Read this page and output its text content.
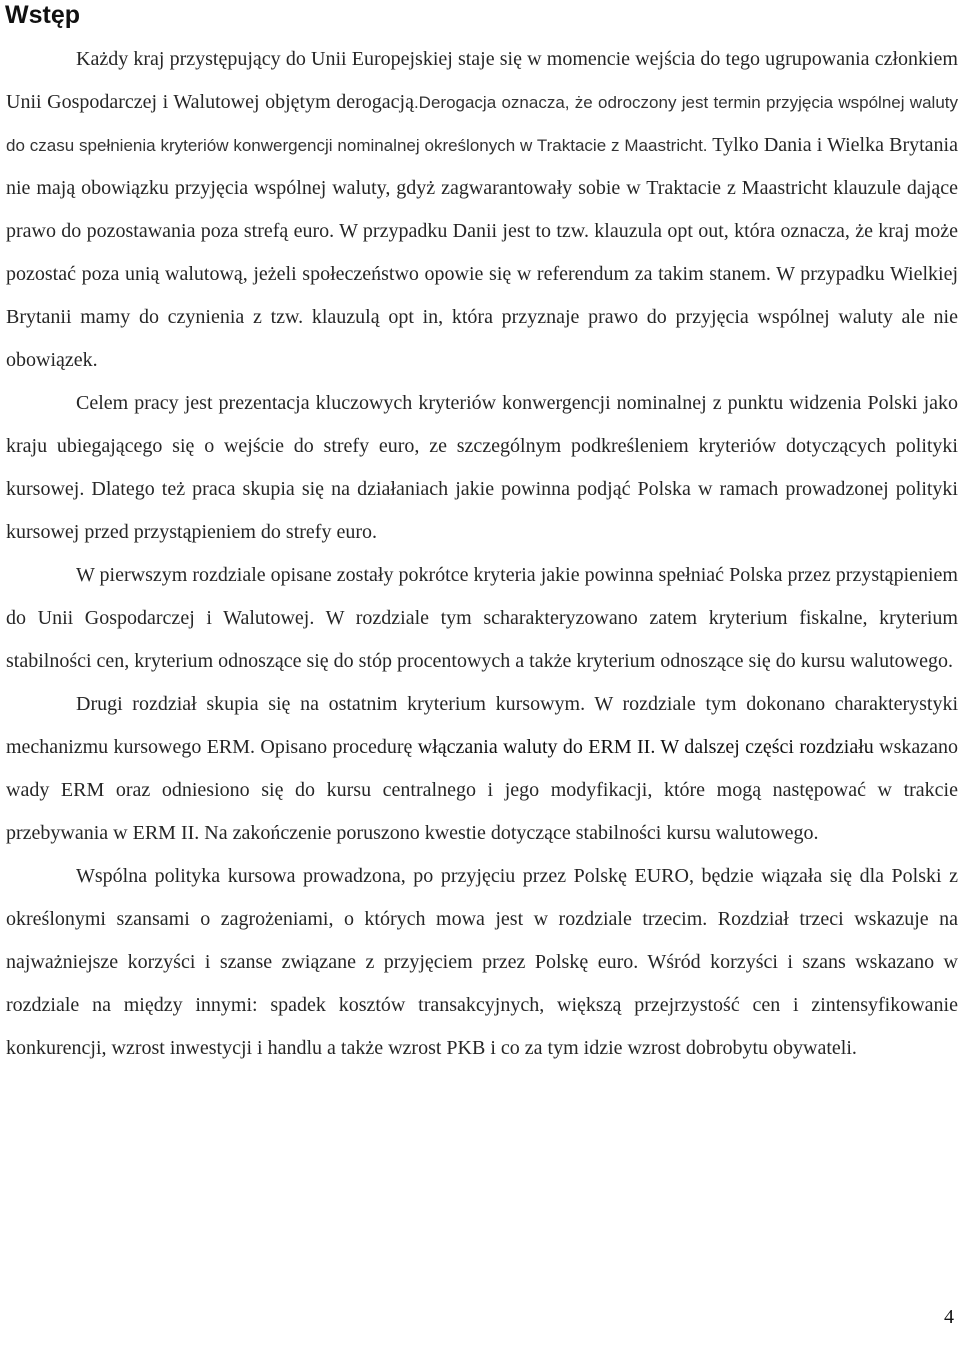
Wstęp

Każdy kraj przystępujący do Unii Europejskiej staje się w momencie wejścia do tego ugrupowania członkiem Unii Gospodarczej i Walutowej objętym derogacją.Derogacja oznacza, że odroczony jest termin przyjęcia wspólnej waluty do czasu spełnienia kryteriów konwergencji nominalnej określonych w Traktacie z Maastricht. Tylko Dania i Wielka Brytania nie mają obowiązku przyjęcia wspólnej waluty, gdyż zagwarantowały sobie w Traktacie z Maastricht klauzule dające prawo do pozostawania poza strefą euro. W przypadku Danii jest to tzw. klauzula opt out, która oznacza, że kraj może pozostać poza unią walutową, jeżeli społeczeństwo opowie się w referendum za takim stanem. W przypadku Wielkiej Brytanii mamy do czynienia z tzw. klauzulą opt in, która przyznaje prawo do przyjęcia wspólnej waluty ale nie obowiązek.

Celem pracy jest prezentacja kluczowych kryteriów konwergencji nominalnej z punktu widzenia Polski jako kraju ubiegającego się o wejście do strefy euro, ze szczególnym podkreśleniem kryteriów dotyczących polityki kursowej. Dlatego też praca skupia się na działaniach jakie powinna podjąć Polska w ramach prowadzonej polityki kursowej przed przystąpieniem do strefy euro.

W pierwszym rozdziale opisane zostały pokrótce kryteria jakie powinna spełniać Polska przez przystąpieniem do Unii Gospodarczej i Walutowej. W rozdziale tym scharakteryzowano zatem kryterium fiskalne, kryterium stabilności cen, kryterium odnoszące się do stóp procentowych a także kryterium odnoszące się do kursu walutowego.

Drugi rozdział skupia się na ostatnim kryterium kursowym. W rozdziale tym dokonano charakterystyki mechanizmu kursowego ERM. Opisano procedurę włączania waluty do ERM II. W dalszej części rozdziału wskazano wady ERM oraz odniesiono się do kursu centralnego i jego modyfikacji, które mogą następować w trakcie przebywania w ERM II. Na zakończenie poruszono kwestie dotyczące stabilności kursu walutowego.

Wspólna polityka kursowa prowadzona, po przyjęciu przez Polskę EURO, będzie wiązała się dla Polski z określonymi szansami o zagrożeniami, o których mowa jest w rozdziale trzecim. Rozdział trzeci wskazuje na najważniejsze korzyści i szanse związane z przyjęciem przez Polskę euro. Wśród korzyści i szans wskazano w rozdziale na między innymi: spadek kosztów transakcyjnych, większą przejrzystość cen i zintensyfikowanie konkurencji, wzrost inwestycji i handlu a także wzrost PKB i co za tym idzie wzrost dobrobytu obywateli.

4
